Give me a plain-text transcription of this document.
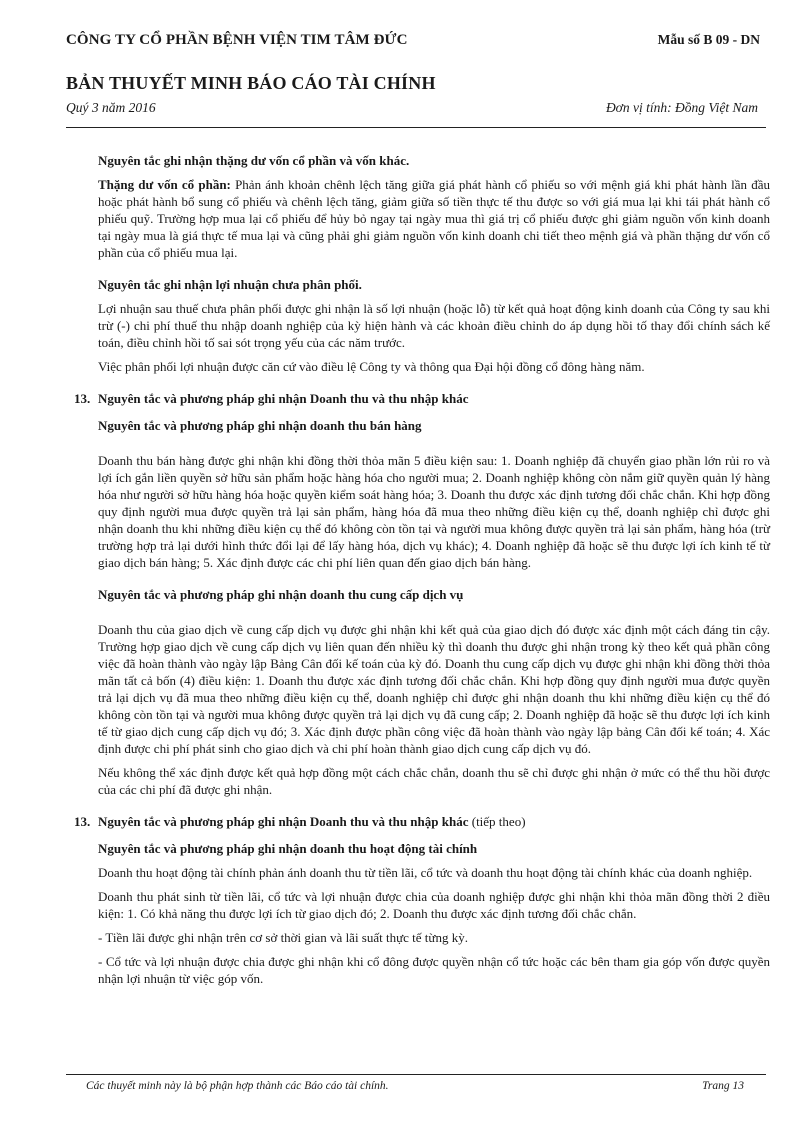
CÔNG TY CỔ PHẦN BỆNH VIỆN TIM TÂM ĐỨC	Mẫu số B 09 - DN
BẢN THUYẾT MINH BÁO CÁO TÀI CHÍNH
Quý 3 năm 2016	Đơn vị tính: Đồng Việt Nam

Nguyên tắc ghi nhận thặng dư vốn cổ phần và vốn khác.

Thặng dư vốn cổ phần: Phản ánh khoản chênh lệch tăng giữa giá phát hành cổ phiếu so với mệnh giá khi phát hành lần đầu hoặc phát hành bổ sung cổ phiếu và chênh lệch tăng, giảm giữa số tiền thực tế thu được so với giá mua lại khi tái phát hành cổ phiếu quỹ. Trường hợp mua lại cổ phiếu để hủy bỏ ngay tại ngày mua thì giá trị cổ phiếu được ghi giảm nguồn vốn kinh doanh tại ngày mua là giá thực tế mua lại và cũng phải ghi giảm nguồn vốn kinh doanh chi tiết theo mệnh giá và phần thặng dư vốn cổ phần của cổ phiếu mua lại.

Nguyên tắc ghi nhận lợi nhuận chưa phân phối.

Lợi nhuận sau thuế chưa phân phối được ghi nhận là số lợi nhuận (hoặc lỗ) từ kết quả hoạt động kinh doanh của Công ty sau khi trừ (-) chi phí thuế thu nhập doanh nghiệp của kỳ hiện hành và các khoản điều chỉnh do áp dụng hồi tố thay đổi chính sách kế toán, điều chỉnh hồi tố sai sót trọng yếu của các năm trước.

Việc phân phối lợi nhuận được căn cứ vào điều lệ Công ty và thông qua Đại hội đồng cổ đông hàng năm.

13. Nguyên tắc và phương pháp ghi nhận Doanh thu và thu nhập khác

Nguyên tắc và phương pháp ghi nhận doanh thu bán hàng

Doanh thu bán hàng được ghi nhận khi đồng thời thỏa mãn 5 điều kiện sau: 1. Doanh nghiệp đã chuyển giao phần lớn rủi ro và lợi ích gắn liền quyền sở hữu sản phẩm hoặc hàng hóa cho người mua; 2. Doanh nghiệp không còn nắm giữ quyền quản lý hàng hóa như người sở hữu hàng hóa hoặc quyền kiểm soát hàng hóa; 3. Doanh thu được xác định tương đối chắc chắn. Khi hợp đồng quy định người mua được quyền trả lại sản phẩm, hàng hóa đã mua theo những điều kiện cụ thể, doanh nghiệp chỉ được ghi nhận doanh thu khi những điều kiện cụ thể đó không còn tồn tại và người mua không được quyền trả lại sản phẩm, hàng hóa (trừ trường hợp trả lại dưới hình thức đổi lại để lấy hàng hóa, dịch vụ khác); 4. Doanh nghiệp đã hoặc sẽ thu được lợi ích kinh tế từ giao dịch bán hàng; 5. Xác định được các chi phí liên quan đến giao dịch bán hàng.

Nguyên tắc và phương pháp ghi nhận doanh thu cung cấp dịch vụ

Doanh thu của giao dịch về cung cấp dịch vụ được ghi nhận khi kết quả của giao dịch đó được xác định một cách đáng tin cậy. Trường hợp giao dịch về cung cấp dịch vụ liên quan đến nhiều kỳ thì doanh thu được ghi nhận trong kỳ theo kết quả phần công việc đã hoàn thành vào ngày lập Bảng Cân đối kế toán của kỳ đó. Doanh thu cung cấp dịch vụ được ghi nhận khi đồng thời thỏa mãn tất cả bốn (4) điều kiện: 1. Doanh thu được xác định tương đối chắc chắn. Khi hợp đồng quy định người mua được quyền trả lại dịch vụ đã mua theo những điều kiện cụ thể, doanh nghiệp chỉ được ghi nhận doanh thu khi những điều kiện cụ thể đó không còn tồn tại và người mua không được quyền trả lại dịch vụ đã cung cấp; 2. Doanh nghiệp đã hoặc sẽ thu được lợi ích kinh tế từ giao dịch cung cấp dịch vụ đó; 3. Xác định được phần công việc đã hoàn thành vào ngày lập bảng Cân đối kế toán; 4. Xác định được chi phí phát sinh cho giao dịch và chi phí hoàn thành giao dịch cung cấp dịch vụ đó.

Nếu không thể xác định được kết quả hợp đồng một cách chắc chắn, doanh thu sẽ chỉ được ghi nhận ở mức có thể thu hồi được của các chi phí đã được ghi nhận.

13. Nguyên tắc và phương pháp ghi nhận Doanh thu và thu nhập khác (tiếp theo)

Nguyên tắc và phương pháp ghi nhận doanh thu hoạt động tài chính

Doanh thu hoạt động tài chính phản ánh doanh thu từ tiền lãi, cổ tức và doanh thu hoạt động tài chính khác của doanh nghiệp.

Doanh thu phát sinh từ tiền lãi, cổ tức và lợi nhuận được chia của doanh nghiệp được ghi nhận khi thỏa mãn đồng thời 2 điều kiện: 1. Có khả năng thu được lợi ích từ giao dịch đó; 2. Doanh thu được xác định tương đối chắc chắn.

- Tiền lãi được ghi nhận trên cơ sở thời gian và lãi suất thực tế từng kỳ.

- Cổ tức và lợi nhuận được chia được ghi nhận khi cổ đông được quyền nhận cổ tức hoặc các bên tham gia góp vốn được quyền nhận lợi nhuận từ việc góp vốn.

Các thuyết minh này là bộ phận hợp thành các Báo cáo tài chính.	Trang 13
